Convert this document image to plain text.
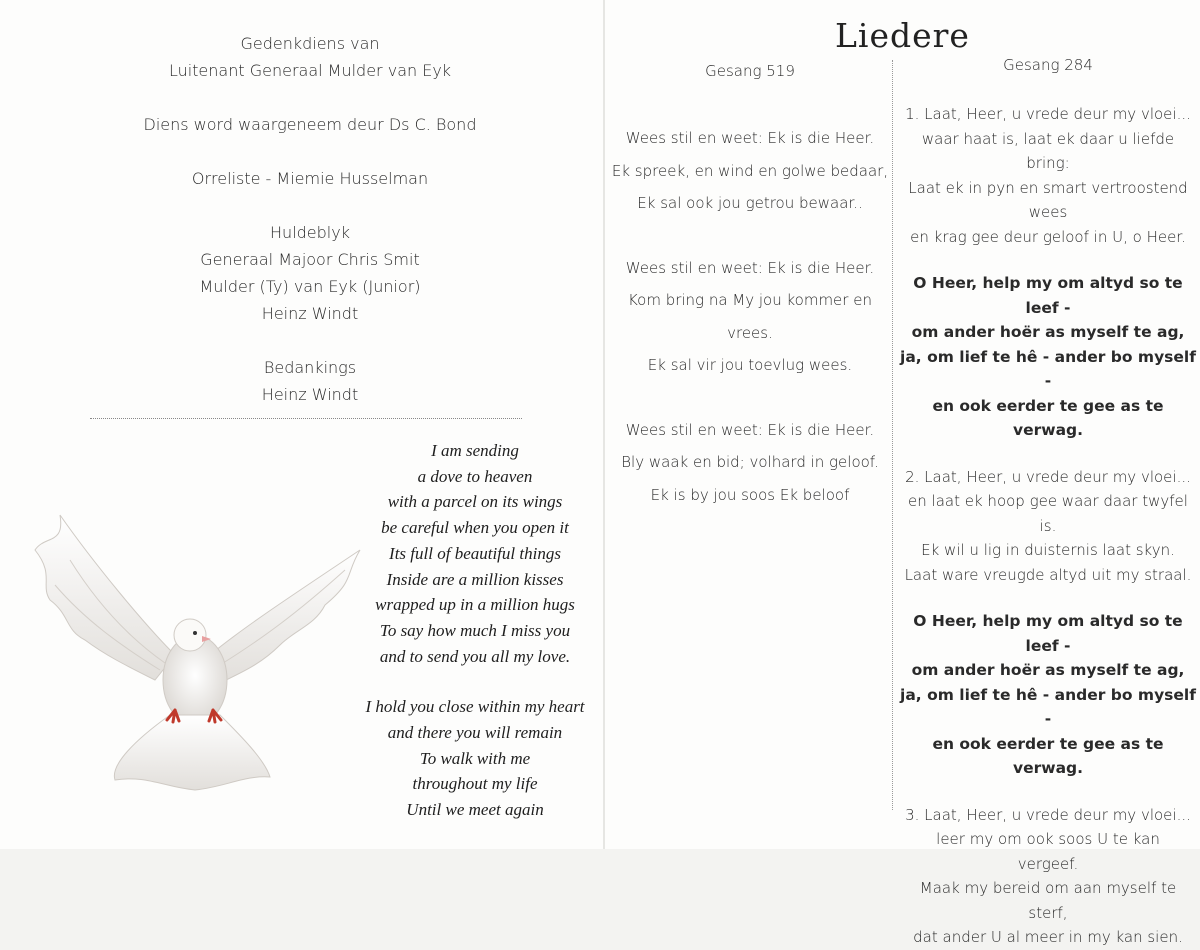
Gedenkdiens van
Luitenant Generaal Mulder van Eyk
Diens word waargeneem deur Ds C. Bond
Orreliste - Miemie Husselman
Huldeblyk
Generaal Majoor Chris Smit
Mulder (Ty) van Eyk (Junior)
Heinz Windt
Bedankings
Heinz Windt
I am sending
a dove to heaven
with a parcel on its wings
be careful when you open it
Its full of beautiful things
Inside are a million kisses
wrapped up in a million hugs
To say how much I miss you
and to send you all my love.
I hold you close within my heart
and there you will remain
To walk with me
throughout my life
Until we meet again
Liedere
Gesang 519
Wees stil en weet: Ek is die Heer.
Ek spreek, en wind en golwe bedaar,
Ek sal ook jou getrou bewaar..
Wees stil en weet: Ek is die Heer.
Kom bring na My jou kommer en
vrees.
Ek sal vir jou toevlug wees.
Wees stil en weet: Ek is die Heer.
Bly waak en bid; volhard in geloof.
Ek is by jou soos Ek beloof
Gesang 284
1. Laat, Heer, u vrede deur my vloei...
waar haat is, laat ek daar u liefde
bring:
Laat ek in pyn en smart vertroostend
wees
en krag gee deur geloof in U, o Heer.
O Heer, help my om altyd so te leef -
om ander hoër as myself te ag,
ja, om lief te hê - ander bo myself -
en ook eerder te gee as te verwag.
2. Laat, Heer, u vrede deur my vloei...
en laat ek hoop gee waar daar twyfel
is.
Ek wil u lig in duisternis laat skyn.
Laat ware vreugde altyd uit my straal.
O Heer, help my om altyd so te leef -
om ander hoër as myself te ag,
ja, om lief te hê - ander bo myself -
en ook eerder te gee as te verwag.
3. Laat, Heer, u vrede deur my vloei...
leer my om ook soos U te kan
vergeef.
Maak my bereid om aan myself te
sterf,
dat ander U al meer in my kan sien.
